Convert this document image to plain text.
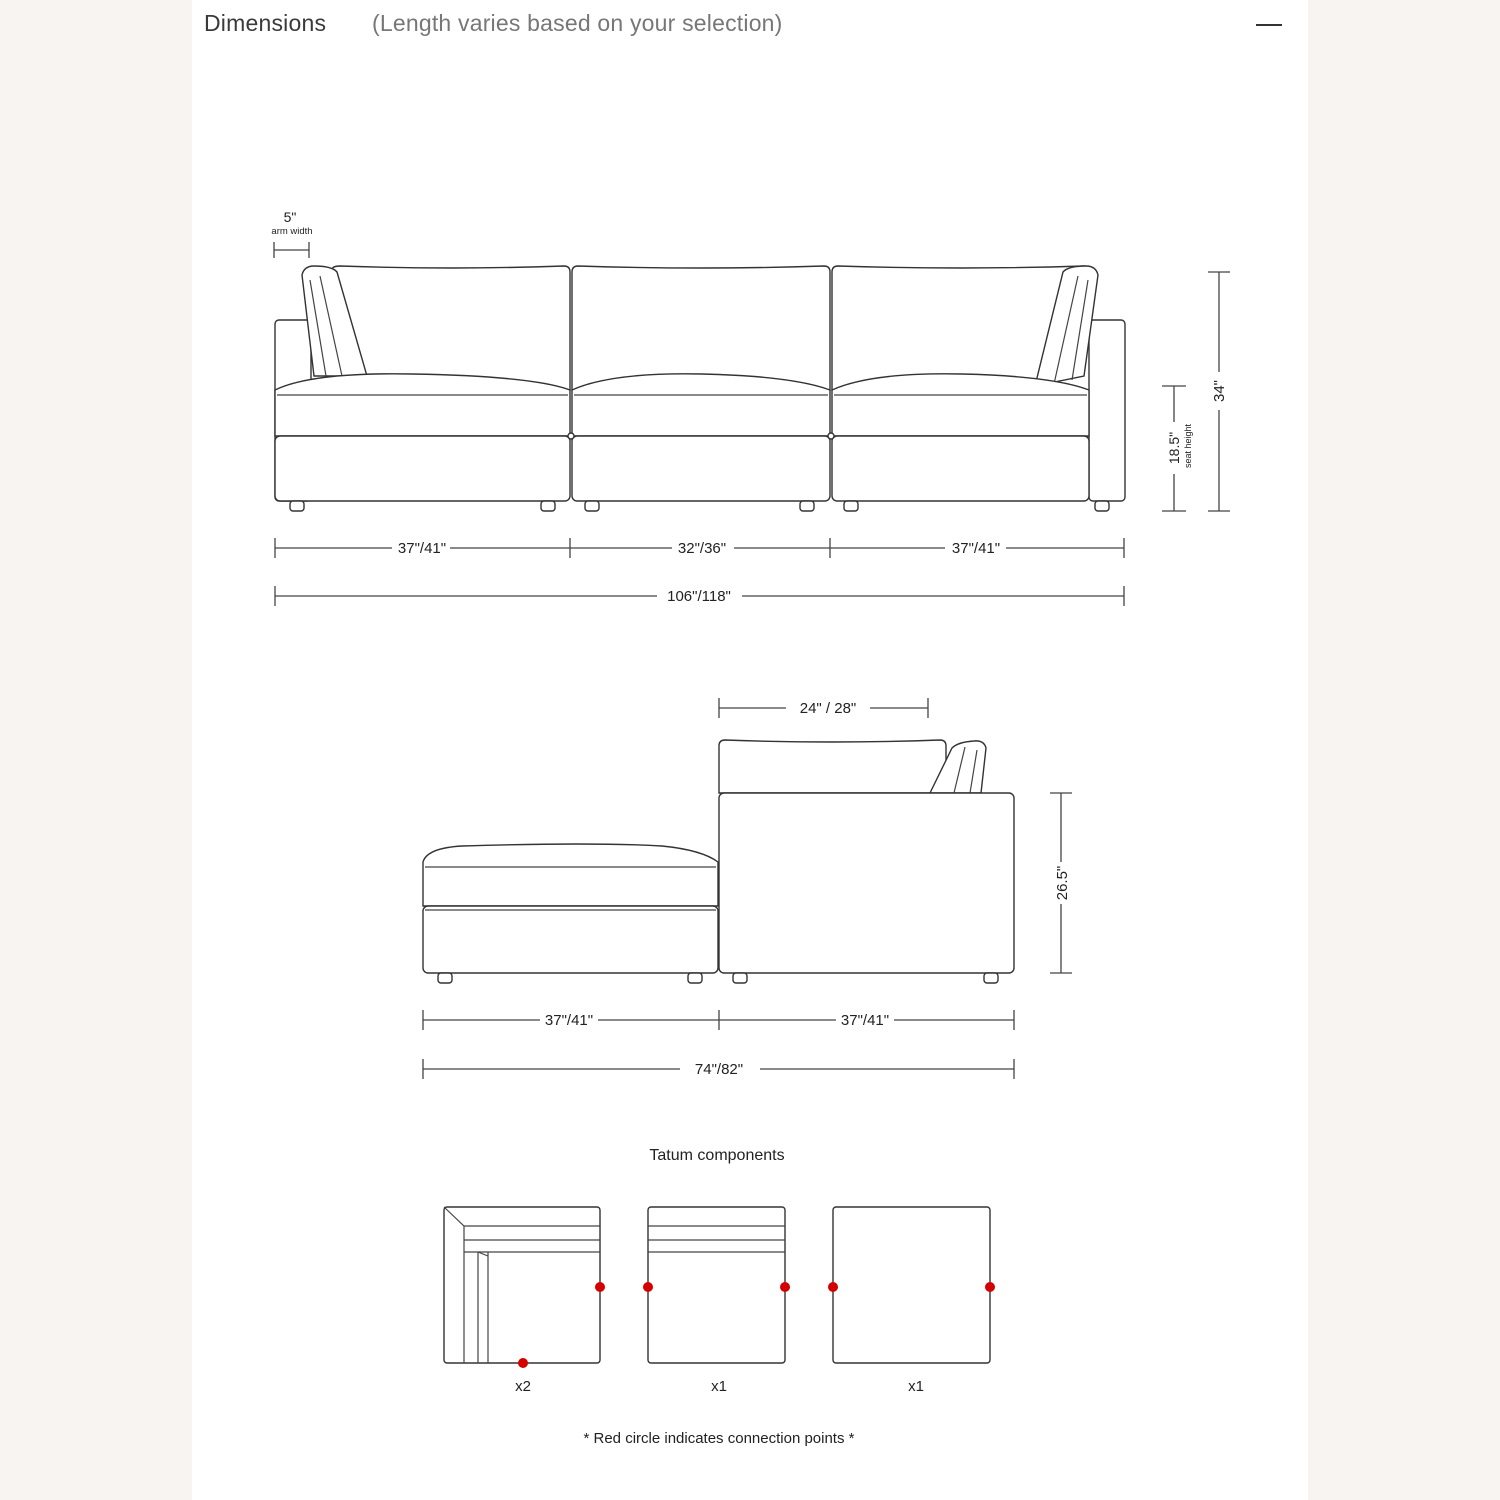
Dimensions (Length varies based on your selection)
5"
arm width
37"/41"	32"/36"	37"/41"
106"/118"
18.5" seat height
34"
24" / 28"
26.5"
37"/41"	37"/41"
74"/82"
Tatum components
x2	x1	x1
* Red circle indicates connection points *
